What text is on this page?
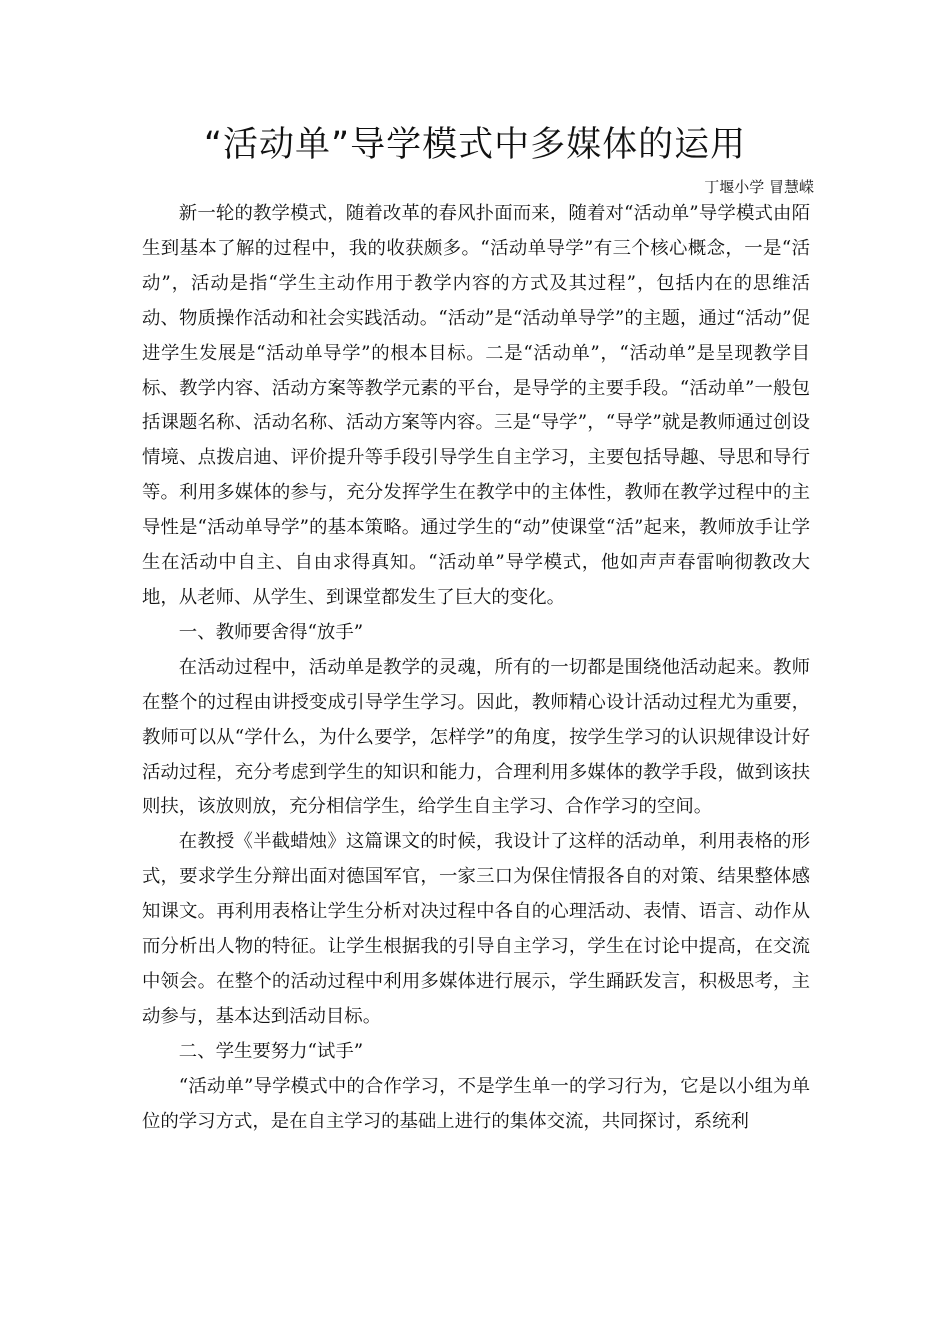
“活动单”导学模式中多媒体的运用

丁堰小学 冒慧嵘

新一轮的教学模式，随着改革的春风扑面而来，随着对“活动单”导学模式由陌生到基本了解的过程中，我的收获颇多。“活动单导学”有三个核心概念，一是“活动”，活动是指“学生主动作用于教学内容的方式及其过程”，包括内在的思维活动、物质操作活动和社会实践活动。“活动”是“活动单导学”的主题，通过“活动”促进学生发展是“活动单导学”的根本目标。二是“活动单”，“活动单”是呈现教学目标、教学内容、活动方案等教学元素的平台，是导学的主要手段。“活动单”一般包括课题名称、活动名称、活动方案等内容。三是“导学”，“导学”就是教师通过创设情境、点拨启迪、评价提升等手段引导学生自主学习，主要包括导趣、导思和导行等。利用多媒体的参与，充分发挥学生在教学中的主体性，教师在教学过程中的主导性是“活动单导学”的基本策略。通过学生的“动”使课堂“活”起来，教师放手让学生在活动中自主、自由求得真知。“活动单”导学模式，他如声声春雷响彻教改大地，从老师、从学生、到课堂都发生了巨大的变化。

一、教师要舍得“放手”

在活动过程中，活动单是教学的灵魂，所有的一切都是围绕他活动起来。教师在整个的过程由讲授变成引导学生学习。因此，教师精心设计活动过程尤为重要，教师可以从“学什么，为什么要学，怎样学”的角度，按学生学习的认识规律设计好活动过程，充分考虑到学生的知识和能力，合理利用多媒体的教学手段，做到该扶则扶，该放则放，充分相信学生，给学生自主学习、合作学习的空间。

在教授《半截蜡烛》这篇课文的时候，我设计了这样的活动单，利用表格的形式，要求学生分辩出面对德国军官，一家三口为保住情报各自的对策、结果整体感知课文。再利用表格让学生分析对决过程中各自的心理活动、表情、语言、动作从而分析出人物的特征。让学生根据我的引导自主学习，学生在讨论中提高，在交流中领会。在整个的活动过程中利用多媒体进行展示，学生踊跃发言，积极思考，主动参与，基本达到活动目标。

二、学生要努力“试手”

“活动单”导学模式中的合作学习，不是学生单一的学习行为，它是以小组为单位的学习方式，是在自主学习的基础上进行的集体交流，共同探讨，系统利
